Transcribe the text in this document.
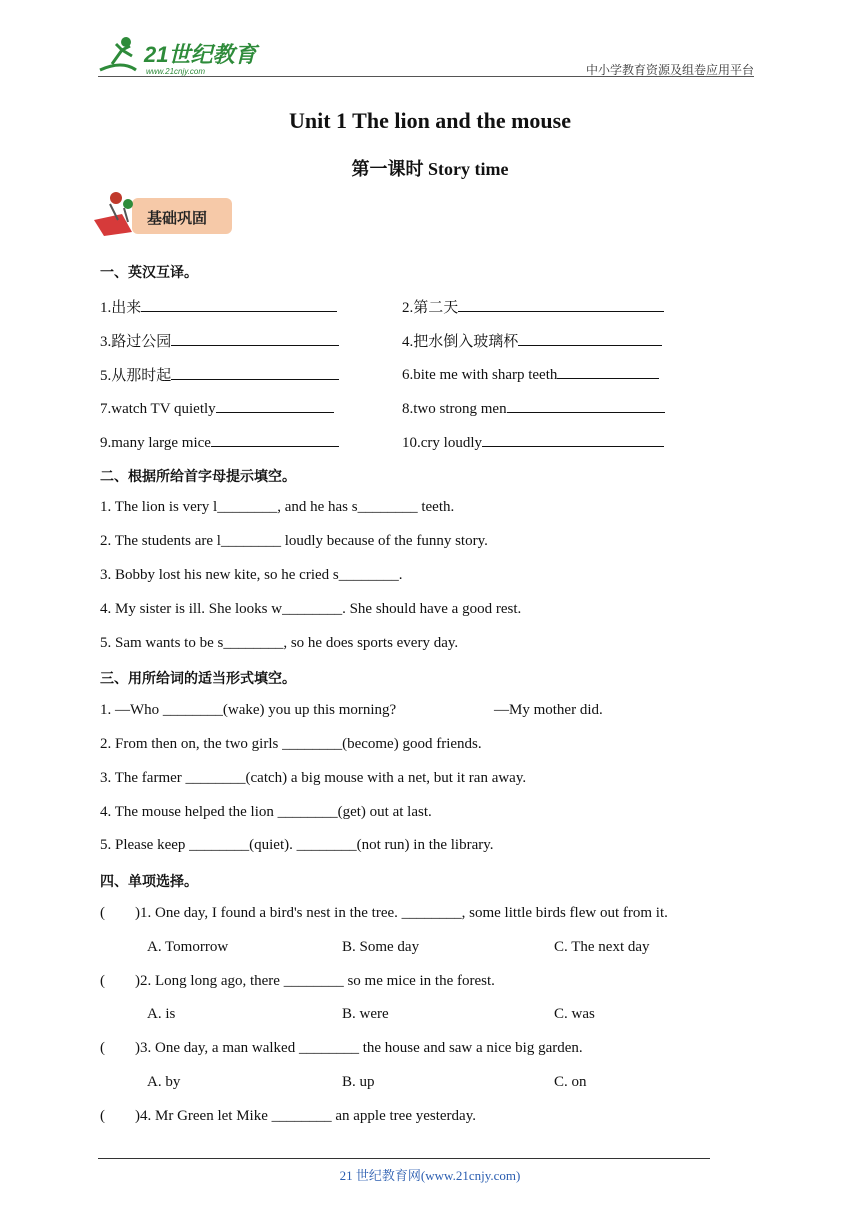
21世纪教育
www.21cnjy.com	中小学教育资源及组卷应用平台
Unit 1 The lion and the mouse
第一课时 Story time
基础巩固
一、英汉互译。
1.出来	2.第二天
3.路过公园	4.把水倒入玻璃杯
5.从那时起	6.bite me with sharp teeth
7.watch TV quietly	8.two strong men
9.many large mice	10.cry loudly
二、根据所给首字母提示填空。
1. The lion is very l________, and he has s________ teeth.
2. The students are l________ loudly because of the funny story.
3. Bobby lost his new kite, so he cried s________.
4. My sister is ill. She looks w________. She should have a good rest.
5. Sam wants to be s________, so he does sports every day.
三、用所给词的适当形式填空。
1. —Who ________(wake) you up this morning?	—My mother did.
2. From then on, the two girls ________(become) good friends.
3. The farmer ________(catch) a big mouse with a net, but it ran away.
4. The mouse helped the lion ________(get) out at last.
5. Please keep ________(quiet). ________(not run) in the library.
四、单项选择。
(        )1. One day, I found a bird's nest in the tree. ________, some little birds flew out from it.
A. Tomorrow	B. Some day	C. The next day
(        )2. Long long ago, there ________ so me mice in the forest.
A. is	B. were	C. was
(        )3. One day, a man walked ________ the house and saw a nice big garden.
A. by	B. up	C. on
(        )4. Mr Green let Mike ________ an apple tree yesterday.
21 世纪教育网(www.21cnjy.com)
